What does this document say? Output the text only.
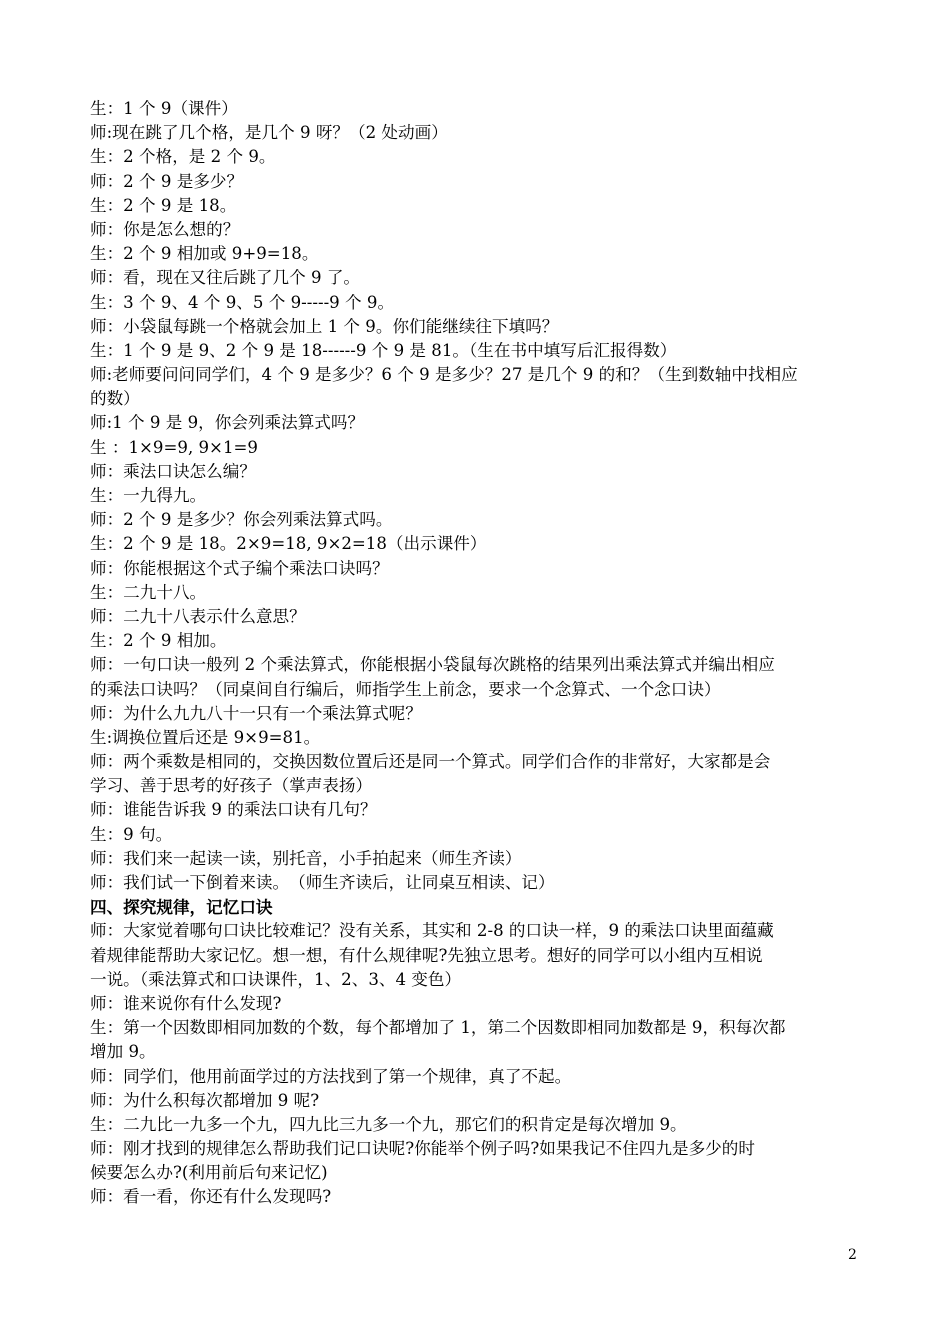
生：1 个 9（课件）
师:现在跳了几个格，是几个 9 呀？（2 处动画）
生：2 个格，是 2 个 9。
师：2 个 9 是多少？
生：2 个 9 是 18。
师：你是怎么想的？
生：2 个 9 相加或 9+9=18。
师：看，现在又往后跳了几个 9 了。
生：3 个 9、4 个 9、5 个 9-----9 个 9。
师：小袋鼠每跳一个格就会加上 1 个 9。你们能继续往下填吗？
生：1 个 9 是 9、2 个 9 是 18------9 个 9 是 81。（生在书中填写后汇报得数）
师:老师要问问同学们，4 个 9 是多少？6 个 9 是多少？27 是几个 9 的和？（生到数轴中找相应
的数）
师:1 个 9 是 9，你会列乘法算式吗？
生 ：1×9=9, 9×1=9
师：乘法口诀怎么编？
生：一九得九。
师：2 个 9 是多少？你会列乘法算式吗。
生：2 个 9 是 18。2×9=18, 9×2=18（出示课件）
师：你能根据这个式子编个乘法口诀吗？
生：二九十八。
师：二九十八表示什么意思？
生：2 个 9 相加。
师：一句口诀一般列 2 个乘法算式，你能根据小袋鼠每次跳格的结果列出乘法算式并编出相应
的乘法口诀吗？（同桌间自行编后，师指学生上前念，要求一个念算式、一个念口诀）
师：为什么九九八十一只有一个乘法算式呢？
生:调换位置后还是 9×9=81。
师：两个乘数是相同的，交换因数位置后还是同一个算式。同学们合作的非常好，大家都是会
学习、善于思考的好孩子（掌声表扬）
师：谁能告诉我 9 的乘法口诀有几句？
生：9 句。
师：我们来一起读一读，别托音，小手拍起来（师生齐读）
师：我们试一下倒着来读。　（师生齐读后，让同桌互相读、记）
四、探究规律，记忆口诀
师：大家觉着哪句口诀比较难记？没有关系，其实和 2-8 的口诀一样，9 的乘法口诀里面蕴藏
着规律能帮助大家记忆。想一想，有什么规律呢?先独立思考。想好的同学可以小组内互相说
一说。（乘法算式和口诀课件，1、2、3、4 变色）
师：谁来说你有什么发现?
生：第一个因数即相同加数的个数，每个都增加了 1，第二个因数即相同加数都是 9，积每次都
增加 9。
师：同学们，他用前面学过的方法找到了第一个规律，真了不起。
师：为什么积每次都增加 9 呢?
生：二九比一九多一个九，四九比三九多一个九，那它们的积肯定是每次增加 9。
师：刚才找到的规律怎么帮助我们记口诀呢?你能举个例子吗?如果我记不住四九是多少的时
候要怎么办?(利用前后句来记忆)
师：看一看，你还有什么发现吗?
2
